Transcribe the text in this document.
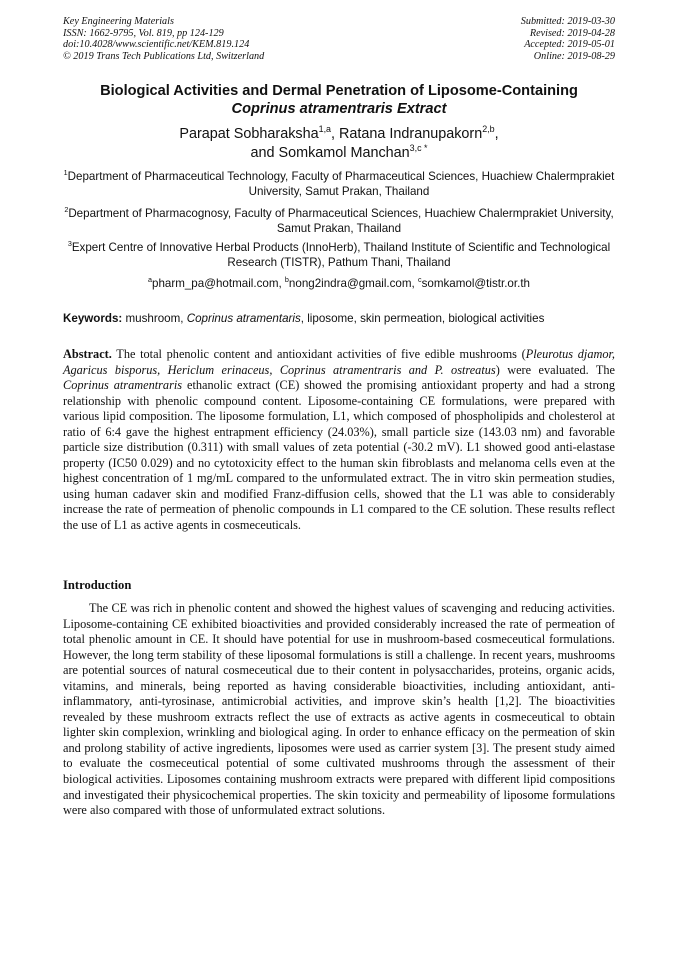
Key Engineering Materials
ISSN: 1662-9795, Vol. 819, pp 124-129
doi:10.4028/www.scientific.net/KEM.819.124
© 2019 Trans Tech Publications Ltd, Switzerland
Submitted: 2019-03-30
Revised: 2019-04-28
Accepted: 2019-05-01
Online: 2019-08-29
Biological Activities and Dermal Penetration of Liposome-Containing
Coprinus atramentraris Extract
Parapat Sobharaksha$^{1,a}$, Ratana Indranupakorn$^{2,b}$,
and Somkamol Manchan$^{3,c *}$
$^1$Department of Pharmaceutical Technology, Faculty of Pharmaceutical Sciences, Huachiew Chalermprakiet University, Samut Prakan, Thailand
$^2$Department of Pharmacognosy, Faculty of Pharmaceutical Sciences, Huachiew Chalermprakiet University, Samut Prakan, Thailand
$^3$Expert Centre of Innovative Herbal Products (InnoHerb), Thailand Institute of Scientific and Technological Research (TISTR), Pathum Thani, Thailand
$^a$pharm_pa@hotmail.com, $^b$nong2indra@gmail.com, $^c$somkamol@tistr.or.th
Keywords: mushroom, Coprinus atramentaris, liposome, skin permeation, biological activities
Abstract. The total phenolic content and antioxidant activities of five edible mushrooms (Pleurotus djamor, Agaricus bisporus, Hericlum erinaceus, Coprinus atramentraris and P. ostreatus) were evaluated. The Coprinus atramentraris ethanolic extract (CE) showed the promising antioxidant property and had a strong relationship with phenolic compound content. Liposome-containing CE formulations, were prepared with various lipid composition. The liposome formulation, L1, which composed of phospholipids and cholesterol at ratio of 6:4 gave the highest entrapment efficiency (24.03%), small particle size (143.03 nm) and favorable particle size distribution (0.311) with small values of zeta potential (-30.2 mV). L1 showed good anti-elastase property (IC50 0.029) and no cytotoxicity effect to the human skin fibroblasts and melanoma cells even at the highest concentration of 1 mg/mL compared to the unformulated extract. The in vitro skin permeation studies, using human cadaver skin and modified Franz-diffusion cells, showed that the L1 was able to considerably increase the rate of permeation of phenolic compounds in L1 compared to the CE solution. These results reflect the use of L1 as active agents in cosmeceuticals.
Introduction
The CE was rich in phenolic content and showed the highest values of scavenging and reducing activities. Liposome-containing CE exhibited bioactivities and provided considerably increased the rate of permeation of total phenolic amount in CE. It should have potential for use in mushroom-based cosmeceutical formulations. However, the long term stability of these liposomal formulations is still a challenge. In recent years, mushrooms are potential sources of natural cosmeceutical due to their content in polysaccharides, proteins, organic acids, vitamins, and minerals, being reported as having considerable bioactivities, including antioxidant, anti-inflammatory, anti-tyrosinase, antimicrobial activities, and improve skin’s health [1,2]. The bioactivities revealed by these mushroom extracts reflect the use of extracts as active agents in cosmeceutical to obtain lighter skin complexion, wrinkling and biological aging. In order to enhance efficacy on the permeation of skin and prolong stability of active ingredients, liposomes were used as carrier system [3]. The present study aimed to evaluate the cosmeceutical potential of some cultivated mushrooms through the assessment of their biological activities. Liposomes containing mushroom extracts were prepared with different lipid compositions and investigated their physicochemical properties. The skin toxicity and permeability of liposome formulations were also compared with those of unformulated extract solutions.
